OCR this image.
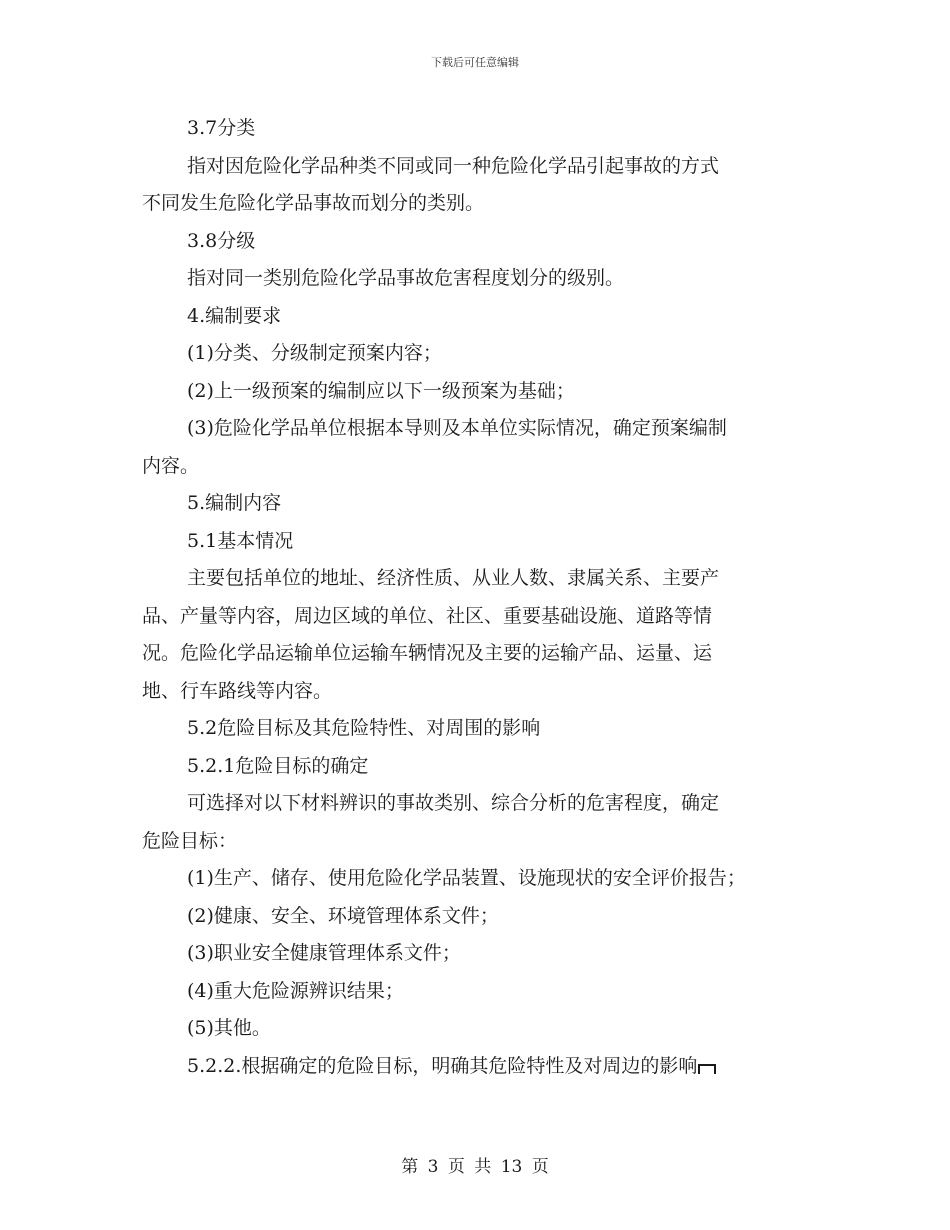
下载后可任意编辑
3.7分类
指对因危险化学品种类不同或同一种危险化学品引起事故的方式
不同发生危险化学品事故而划分的类别。
3.8分级
指对同一类别危险化学品事故危害程度划分的级别。
4.编制要求
(1)分类、分级制定预案内容；
(2)上一级预案的编制应以下一级预案为基础；
(3)危险化学品单位根据本导则及本单位实际情况，确定预案编制
内容。
5.编制内容
5.1基本情况
主要包括单位的地址、经济性质、从业人数、隶属关系、主要产
品、产量等内容，周边区域的单位、社区、重要基础设施、道路等情
况。危险化学品运输单位运输车辆情况及主要的运输产品、运量、运
地、行车路线等内容。
5.2危险目标及其危险特性、对周围的影响
5.2.1危险目标的确定
可选择对以下材料辨识的事故类别、综合分析的危害程度，确定
危险目标：
(1)生产、储存、使用危险化学品装置、设施现状的安全评价报告；
(2)健康、安全、环境管理体系文件；
(3)职业安全健康管理体系文件；
(4)重大危险源辨识结果；
(5)其他。
5.2.2.根据确定的危险目标，明确其危险特性及对周边的影响
第 3 页 共 13 页
